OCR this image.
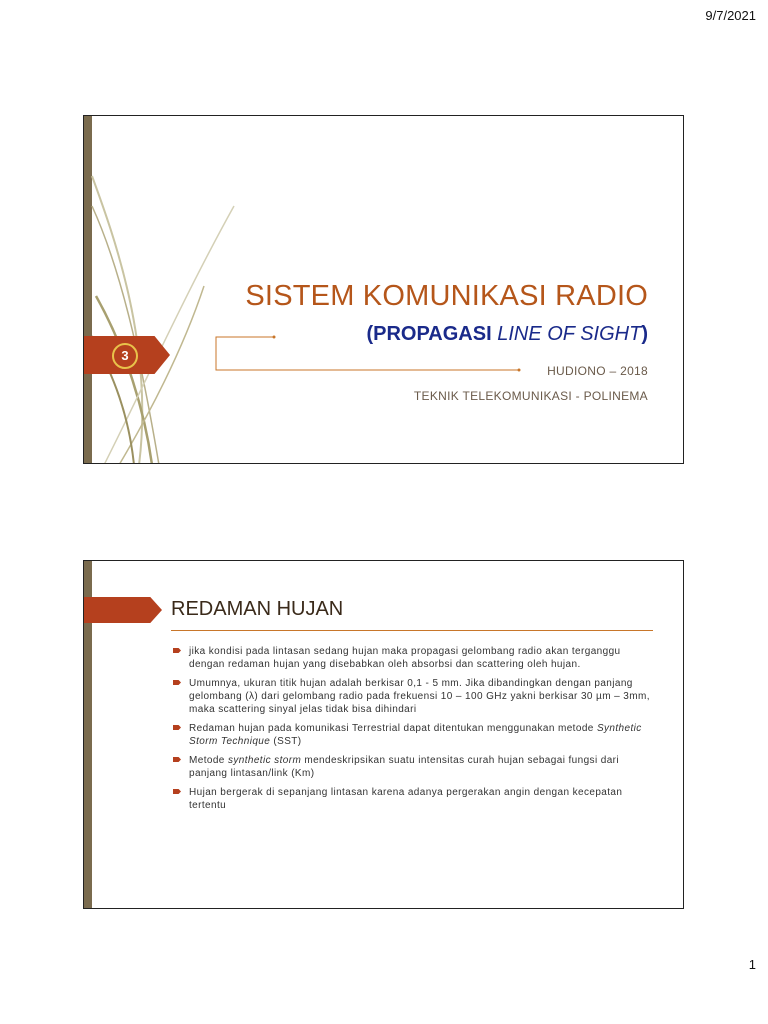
9/7/2021
3
SISTEM KOMUNIKASI RADIO
(PROPAGASI LINE OF SIGHT)
HUDIONO – 2018
TEKNIK TELEKOMUNIKASI - POLINEMA
REDAMAN HUJAN
jika kondisi pada lintasan sedang hujan maka propagasi gelombang radio akan terganggu dengan redaman hujan yang disebabkan oleh absorbsi dan scattering oleh hujan.
Umumnya, ukuran titik hujan adalah berkisar 0,1 - 5 mm. Jika dibandingkan dengan panjang gelombang (λ) dari gelombang radio pada frekuensi 10 – 100 GHz yakni berkisar 30 µm – 3mm, maka scattering sinyal jelas tidak bisa dihindari
Redaman hujan pada komunikasi Terrestrial dapat ditentukan menggunakan metode Synthetic Storm Technique (SST)
Metode synthetic storm mendeskripsikan suatu intensitas curah hujan sebagai fungsi dari panjang lintasan/link (Km)
Hujan bergerak di sepanjang lintasan karena adanya pergerakan angin dengan kecepatan tertentu
1
